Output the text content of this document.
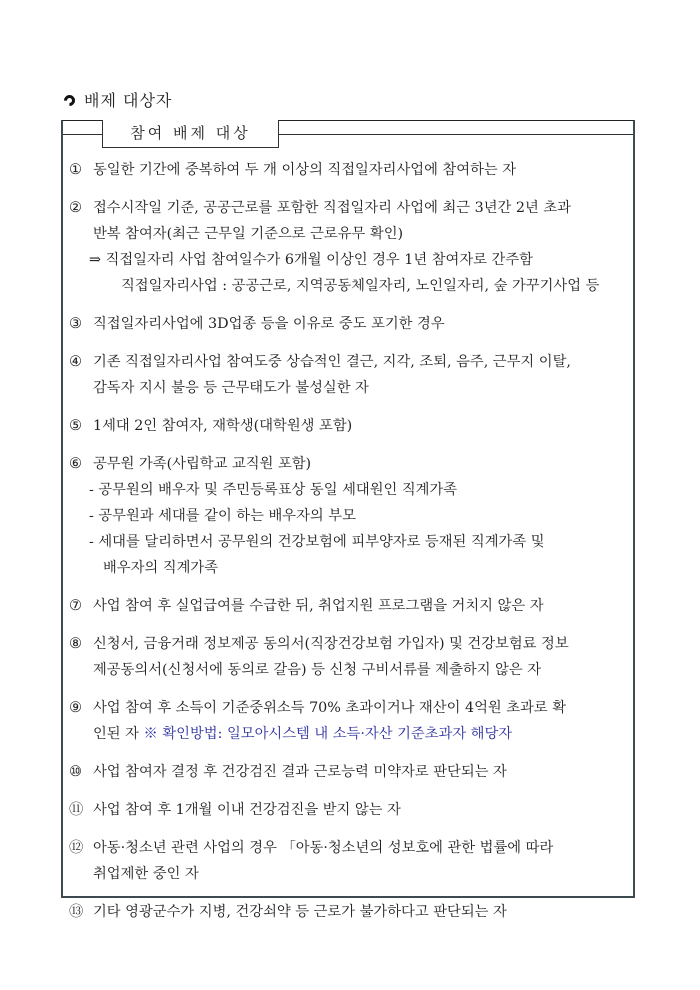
배제 대상자
참여 배제 대상
① 동일한 기간에 중복하여 두 개 이상의 직접일자리사업에 참여하는 자
② 접수시작일 기준, 공공근로를 포함한 직접일자리 사업에 최근 3년간 2년 초과
반복 참여자(최근 근무일 기준으로 근로유무 확인)
⇒ 직접일자리 사업 참여일수가 6개월 이상인 경우 1년 참여자로 간주함
직접일자리사업 : 공공근로, 지역공동체일자리, 노인일자리, 숲 가꾸기사업 등
③ 직접일자리사업에 3D업종 등을 이유로 중도 포기한 경우
④ 기존 직접일자리사업 참여도중 상습적인 결근, 지각, 조퇴, 음주, 근무지 이탈,
감독자 지시 불응 등 근무태도가 불성실한 자
⑤ 1세대 2인 참여자, 재학생(대학원생 포함)
⑥ 공무원 가족(사립학교 교직원 포함)
- 공무원의 배우자 및 주민등록표상 동일 세대원인 직계가족
- 공무원과 세대를 같이 하는 배우자의 부모
- 세대를 달리하면서 공무원의 건강보험에 피부양자로 등재된 직계가족 및
배우자의 직계가족
⑦ 사업 참여 후 실업급여를 수급한 뒤, 취업지원 프로그램을 거치지 않은 자
⑧ 신청서, 금융거래 정보제공 동의서(직장건강보험 가입자) 및 건강보험료 정보
제공동의서(신청서에 동의로 갈음) 등 신청 구비서류를 제출하지 않은 자
⑨ 사업 참여 후 소득이 기준중위소득 70% 초과이거나 재산이 4억원 초과로 확
인된 자 ※ 확인방법: 일모아시스템 내 소득·자산 기준초과자 해당자
⑩ 사업 참여자 결정 후 건강검진 결과 근로능력 미약자로 판단되는 자
⑪ 사업 참여 후 1개월 이내 건강검진을 받지 않는 자
⑫ 아동·청소년 관련 사업의 경우 「아동·청소년의 성보호에 관한 법률에 따라
취업제한 중인 자
⑬ 기타 영광군수가 지병, 건강쇠약 등 근로가 불가하다고 판단되는 자
